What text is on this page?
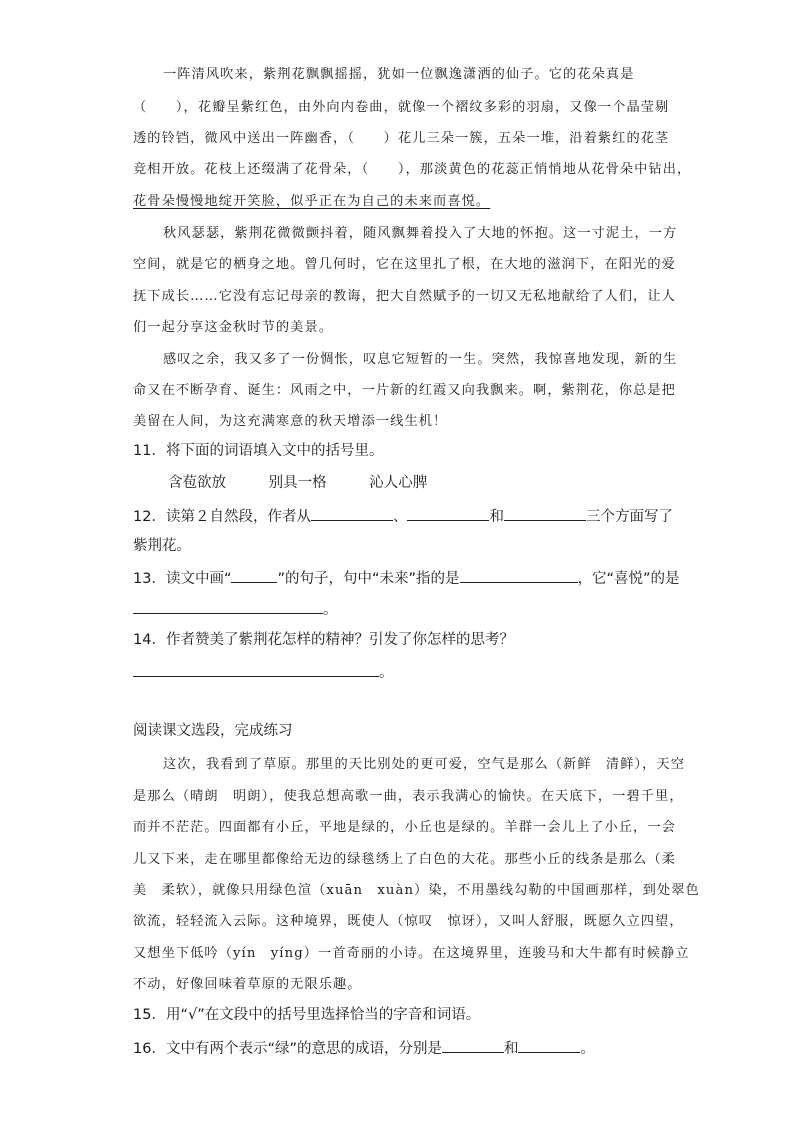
一阵清风吹来，紫荆花飘飘摇摇，犹如一位飘逸潇洒的仙子。它的花朵真是
（　　），花瓣呈紫红色，由外向内卷曲，就像一个褶纹多彩的羽扇，又像一个晶莹剔
透的铃铛，微风中送出一阵幽香，（　　）花儿三朵一簇，五朵一堆，沿着紫红的花茎
竞相开放。花枝上还缀满了花骨朵，（　　），那淡黄色的花蕊正悄悄地从花骨朵中钻出，
花骨朵慢慢地绽开笑脸，似乎正在为自己的未来而喜悦。
秋风瑟瑟，紫荆花微微颤抖着，随风飘舞着投入了大地的怀抱。这一寸泥土，一方
空间，就是它的栖身之地。曾几何时，它在这里扎了根，在大地的滋润下，在阳光的爱
抚下成长……它没有忘记母亲的教诲，把大自然赋予的一切又无私地献给了人们，让人
们一起分享这金秋时节的美景。
感叹之余，我又多了一份惆怅，叹息它短暂的一生。突然，我惊喜地发现，新的生
命又在不断孕育、诞生：风雨之中，一片新的红霞又向我飘来。啊，紫荆花，你总是把
美留在人间，为这充满寒意的秋天增添一线生机！
11．将下面的词语填入文中的括号里。
含苞欲放	别具一格	沁人心脾
12．读第２自然段，作者从	、	和	三个方面写了
紫荆花。
13．读文中画“	”的句子，句中“未来”指的是	，它“喜悦”的是
。
14．作者赞美了紫荆花怎样的精神？引发了你怎样的思考？
。
阅读课文选段，完成练习
这次，我看到了草原。那里的天比别处的更可爱，空气是那么（新鲜　清鲜），天空
是那么（晴朗　明朗），使我总想高歌一曲，表示我满心的愉快。在天底下，一碧千里，
而并不茫茫。四面都有小丘，平地是绿的，小丘也是绿的。羊群一会儿上了小丘，一会
儿又下来，走在哪里都像给无边的绿毯绣上了白色的大花。那些小丘的线条是那么（柔
美　柔软），就像只用绿色渲（xuān　xuàn）染，不用墨线勾勒的中国画那样，到处翠色
欲流，轻轻流入云际。这种境界，既使人（惊叹　惊讶），又叫人舒服，既愿久立四望，
又想坐下低吟（yín　yíng）一首奇丽的小诗。在这境界里，连骏马和大牛都有时候静立
不动，好像回味着草原的无限乐趣。
15．用“√”在文段中的括号里选择恰当的字音和词语。
16．文中有两个表示“绿”的意思的成语，分别是	和	。
